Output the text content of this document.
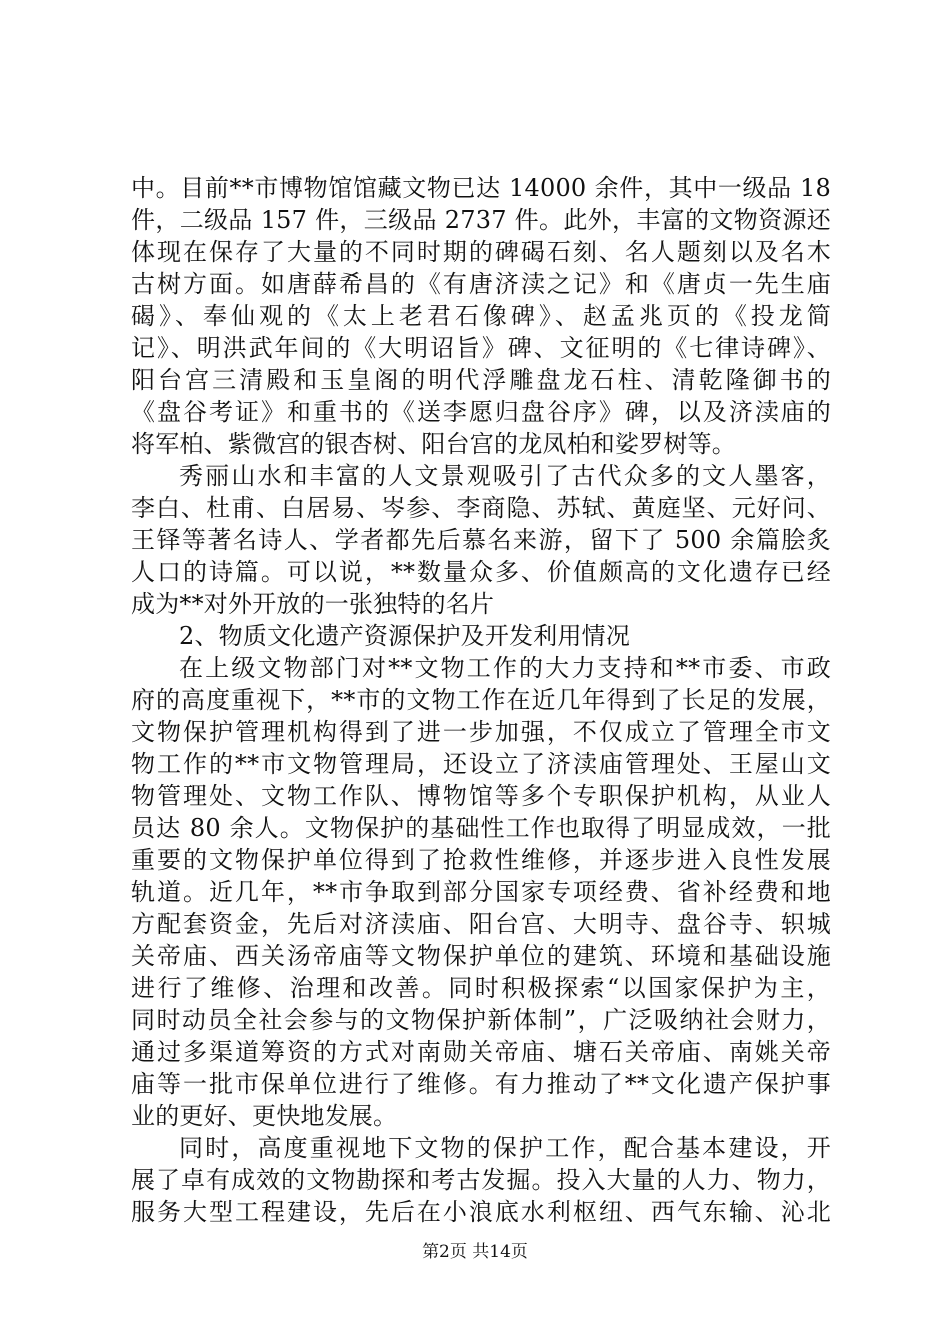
中。目前**市博物馆馆藏文物已达 14000 余件，其中一级品 18
件，二级品 157 件，三级品 2737 件。此外，丰富的文物资源还
体现在保存了大量的不同时期的碑碣石刻、名人题刻以及名木
古树方面。如唐薛希昌的《有唐济渎之记》和《唐贞一先生庙
碣》、奉仙观的《太上老君石像碑》、赵孟兆页的《投龙简
记》、明洪武年间的《大明诏旨》碑、文征明的《七律诗碑》、
阳台宫三清殿和玉皇阁的明代浮雕盘龙石柱、清乾隆御书的
《盘谷考证》和重书的《送李愿归盘谷序》碑，以及济渎庙的
将军柏、紫微宫的银杏树、阳台宫的龙凤柏和娑罗树等。
秀丽山水和丰富的人文景观吸引了古代众多的文人墨客，
李白、杜甫、白居易、岑参、李商隐、苏轼、黄庭坚、元好问、
王铎等著名诗人、学者都先后慕名来游，留下了 500 余篇脍炙
人口的诗篇。可以说，**数量众多、价值颇高的文化遗存已经
成为**对外开放的一张独特的名片
2、物质文化遗产资源保护及开发利用情况
在上级文物部门对**文物工作的大力支持和**市委、市政
府的高度重视下，**市的文物工作在近几年得到了长足的发展，
文物保护管理机构得到了进一步加强，不仅成立了管理全市文
物工作的**市文物管理局，还设立了济渎庙管理处、王屋山文
物管理处、文物工作队、博物馆等多个专职保护机构，从业人
员达 80 余人。文物保护的基础性工作也取得了明显成效，一批
重要的文物保护单位得到了抢救性维修，并逐步进入良性发展
轨道。近几年，**市争取到部分国家专项经费、省补经费和地
方配套资金，先后对济渎庙、阳台宫、大明寺、盘谷寺、轵城
关帝庙、西关汤帝庙等文物保护单位的建筑、环境和基础设施
进行了维修、治理和改善。同时积极探索“以国家保护为主，
同时动员全社会参与的文物保护新体制”，广泛吸纳社会财力，
通过多渠道筹资的方式对南勋关帝庙、塘石关帝庙、南姚关帝
庙等一批市保单位进行了维修。有力推动了**文化遗产保护事
业的更好、更快地发展。
同时，高度重视地下文物的保护工作，配合基本建设，开
展了卓有成效的文物勘探和考古发掘。投入大量的人力、物力，
服务大型工程建设，先后在小浪底水利枢纽、西气东输、沁北
第2页 共14页
